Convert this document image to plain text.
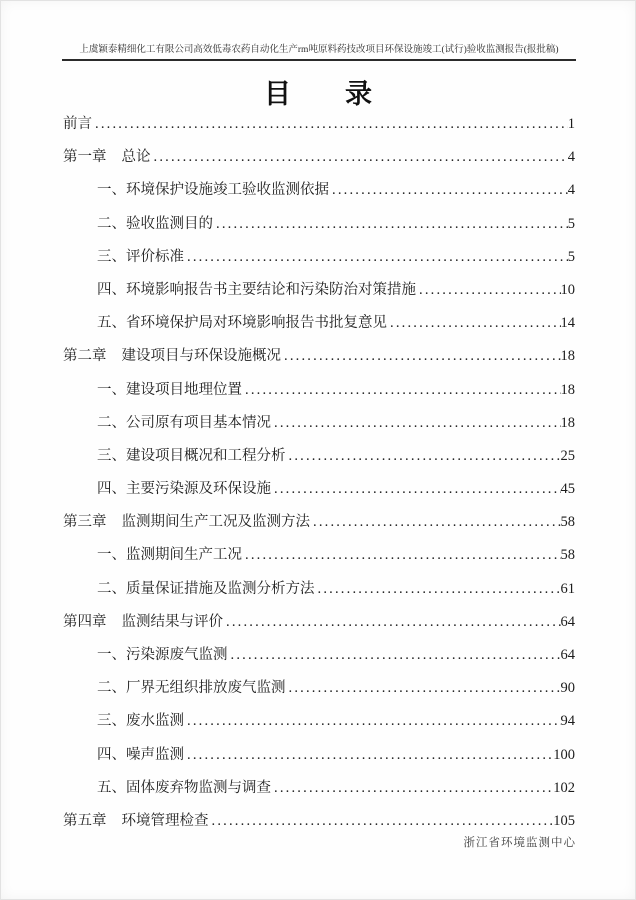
上虞颖泰精细化工有限公司高效低毒农药自动化生产rm吨原料药技改项目环保设施竣工(试行)验收监测报告(报批稿)
目　　录
前言 .....	1
第一章 总论 .....	4
一、 环境保护设施竣工验收监测依据 .....	4
二、 验收监测目的 .....	5
三、 评价标准 .....	5
四、 环境影响报告书主要结论和污染防治对策措施 .....	10
五、 省环境保护局对环境影响报告书批复意见 .....	14
第二章 建设项目与环保设施概况 .....	18
一、 建设项目地理位置 .....	18
二、 公司原有项目基本情况 .....	18
三、 建设项目概况和工程分析 .....	25
四、 主要污染源及环保设施 .....	45
第三章 监测期间生产工况及监测方法 .....	58
一、 监测期间生产工况 .....	58
二、 质量保证措施及监测分析方法 .....	61
第四章 监测结果与评价 .....	64
一、 污染源废气监测 .....	64
二、 厂界无组织排放废气监测 .....	90
三、 废水监测 .....	94
四、 噪声监测 .....	100
五、 固体废弃物监测与调查 .....	102
第五章 环境管理检查 .....	105
浙江省环境监测中心
